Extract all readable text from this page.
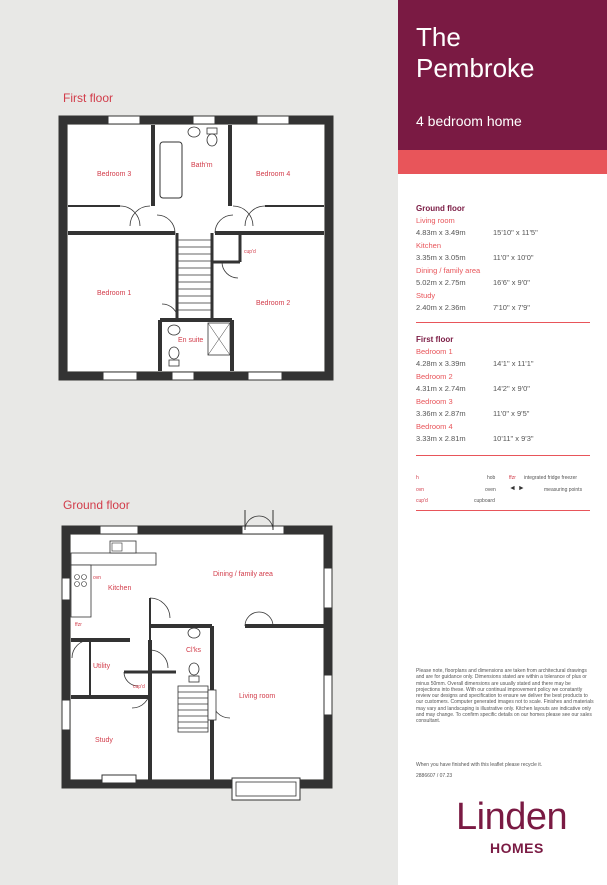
First floor
Bedroom 3
Bath'm
Bedroom 4
cup'd
Bedroom 1
Bedroom 2
En suite
Ground floor
Kitchen
ovn
ffzr
Dining / family area
Cl'ks
Utility
cup'd
Study
Living room
The
Pembroke
4 bedroom home
Ground floor
Living room
4.83m x 3.49m	15'10" x 11'5"
Kitchen
3.35m x 3.05m	11'0" x 10'0"
Dining / family area
5.02m x 2.75m	16'6" x 9'0"
Study
2.40m x 2.36m	7'10" x 7'9"
First floor
Bedroom 1
4.28m x 3.39m	14'1" x 11'1"
Bedroom 2
4.31m x 2.74m	14'2" x 9'0"
Bedroom 3
3.36m x 2.87m	11'0" x 9'5"
Bedroom 4
3.33m x 2.81m	10'11" x 9'3"
h	hob	ffzr integrated fridge freezer
ovn	oven ◄ ►	measuring points
cup'd	cupboard
Please note, floorplans and dimensions are taken from architectural drawings and are for guidance only. Dimensions stated are within a tolerance of plus or minus 50mm. Overall dimensions are usually stated and there may be projections into these. With our continual improvement policy we constantly review our designs and specification to ensure we deliver the best products to our customers. Computer generated images not to scale. Finishes and materials may vary and landscaping is illustrative only. Kitchen layouts are indicative only and may change. To confirm specific details on our homes please see our sales consultant.
When you have finished with this leaflet please recycle it.
2886607 / 07.23
Linden
HOMES
